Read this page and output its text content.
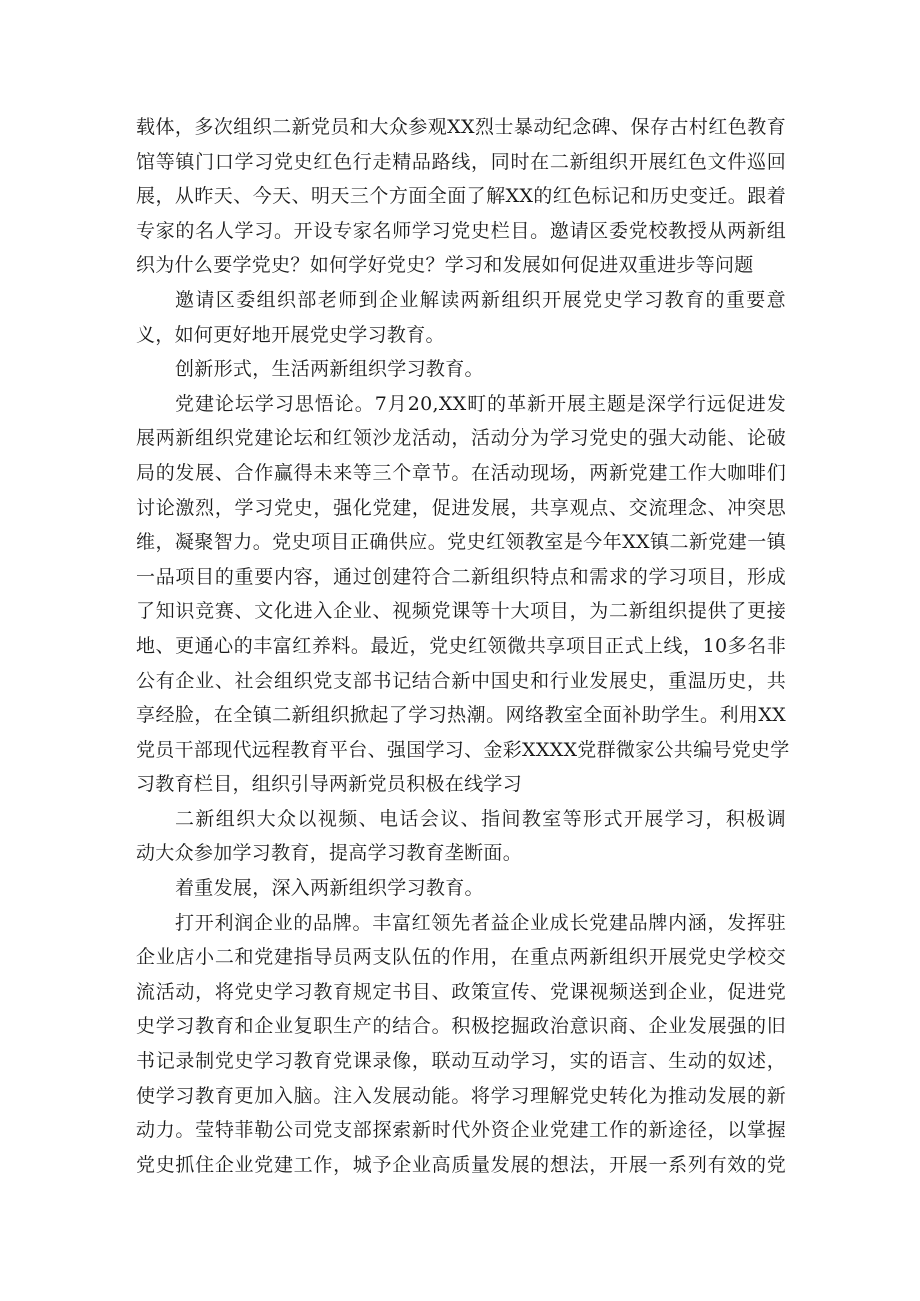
载体，多次组织二新党员和大众参观XX烈士暴动纪念碑、保存古村红色教育
馆等镇门口学习党史红色行走精品路线，同时在二新组织开展红色文件巡回
展，从昨天、今天、明天三个方面全面了解XX的红色标记和历史变迁。跟着
专家的名人学习。开设专家名师学习党史栏目。邀请区委党校教授从两新组
织为什么要学党史？如何学好党史？学习和发展如何促进双重进步等问题
邀请区委组织部老师到企业解读两新组织开展党史学习教育的重要意
义，如何更好地开展党史学习教育。
创新形式，生活两新组织学习教育。
党建论坛学习思悟论。7月20,XX町的革新开展主题是深学行远促进发
展两新组织党建论坛和红领沙龙活动，活动分为学习党史的强大动能、论破
局的发展、合作赢得未来等三个章节。在活动现场，两新党建工作大咖啡们
讨论激烈，学习党史，强化党建，促进发展，共享观点、交流理念、冲突思
维，凝聚智力。党史项目正确供应。党史红领教室是今年XX镇二新党建一镇
一品项目的重要内容，通过创建符合二新组织特点和需求的学习项目，形成
了知识竞赛、文化进入企业、视频党课等十大项目，为二新组织提供了更接
地、更通心的丰富红养料。最近，党史红领微共享项目正式上线，10多名非
公有企业、社会组织党支部书记结合新中国史和行业发展史，重温历史，共
享经脸，在全镇二新组织掀起了学习热潮。网络教室全面补助学生。利用XX
党员干部现代远程教育平台、强国学习、金彩XXXX党群微家公共编号党史学
习教育栏目，组织引导两新党员积极在线学习
二新组织大众以视频、电话会议、指间教室等形式开展学习，积极调
动大众参加学习教育，提高学习教育垄断面。
着重发展，深入两新组织学习教育。
打开利润企业的品牌。丰富红领先者益企业成长党建品牌内涵，发挥驻
企业店小二和党建指导员两支队伍的作用，在重点两新组织开展党史学校交
流活动，将党史学习教育规定书目、政策宣传、党课视频送到企业，促进党
史学习教育和企业复职生产的结合。积极挖掘政治意识商、企业发展强的旧
书记录制党史学习教育党课录像，联动互动学习，实的语言、生动的奴述，
使学习教育更加入脑。注入发展动能。将学习理解党史转化为推动发展的新
动力。莹特菲勒公司党支部探索新时代外资企业党建工作的新途径，以掌握
党史抓住企业党建工作，城予企业高质量发展的想法，开展一系列有效的党
